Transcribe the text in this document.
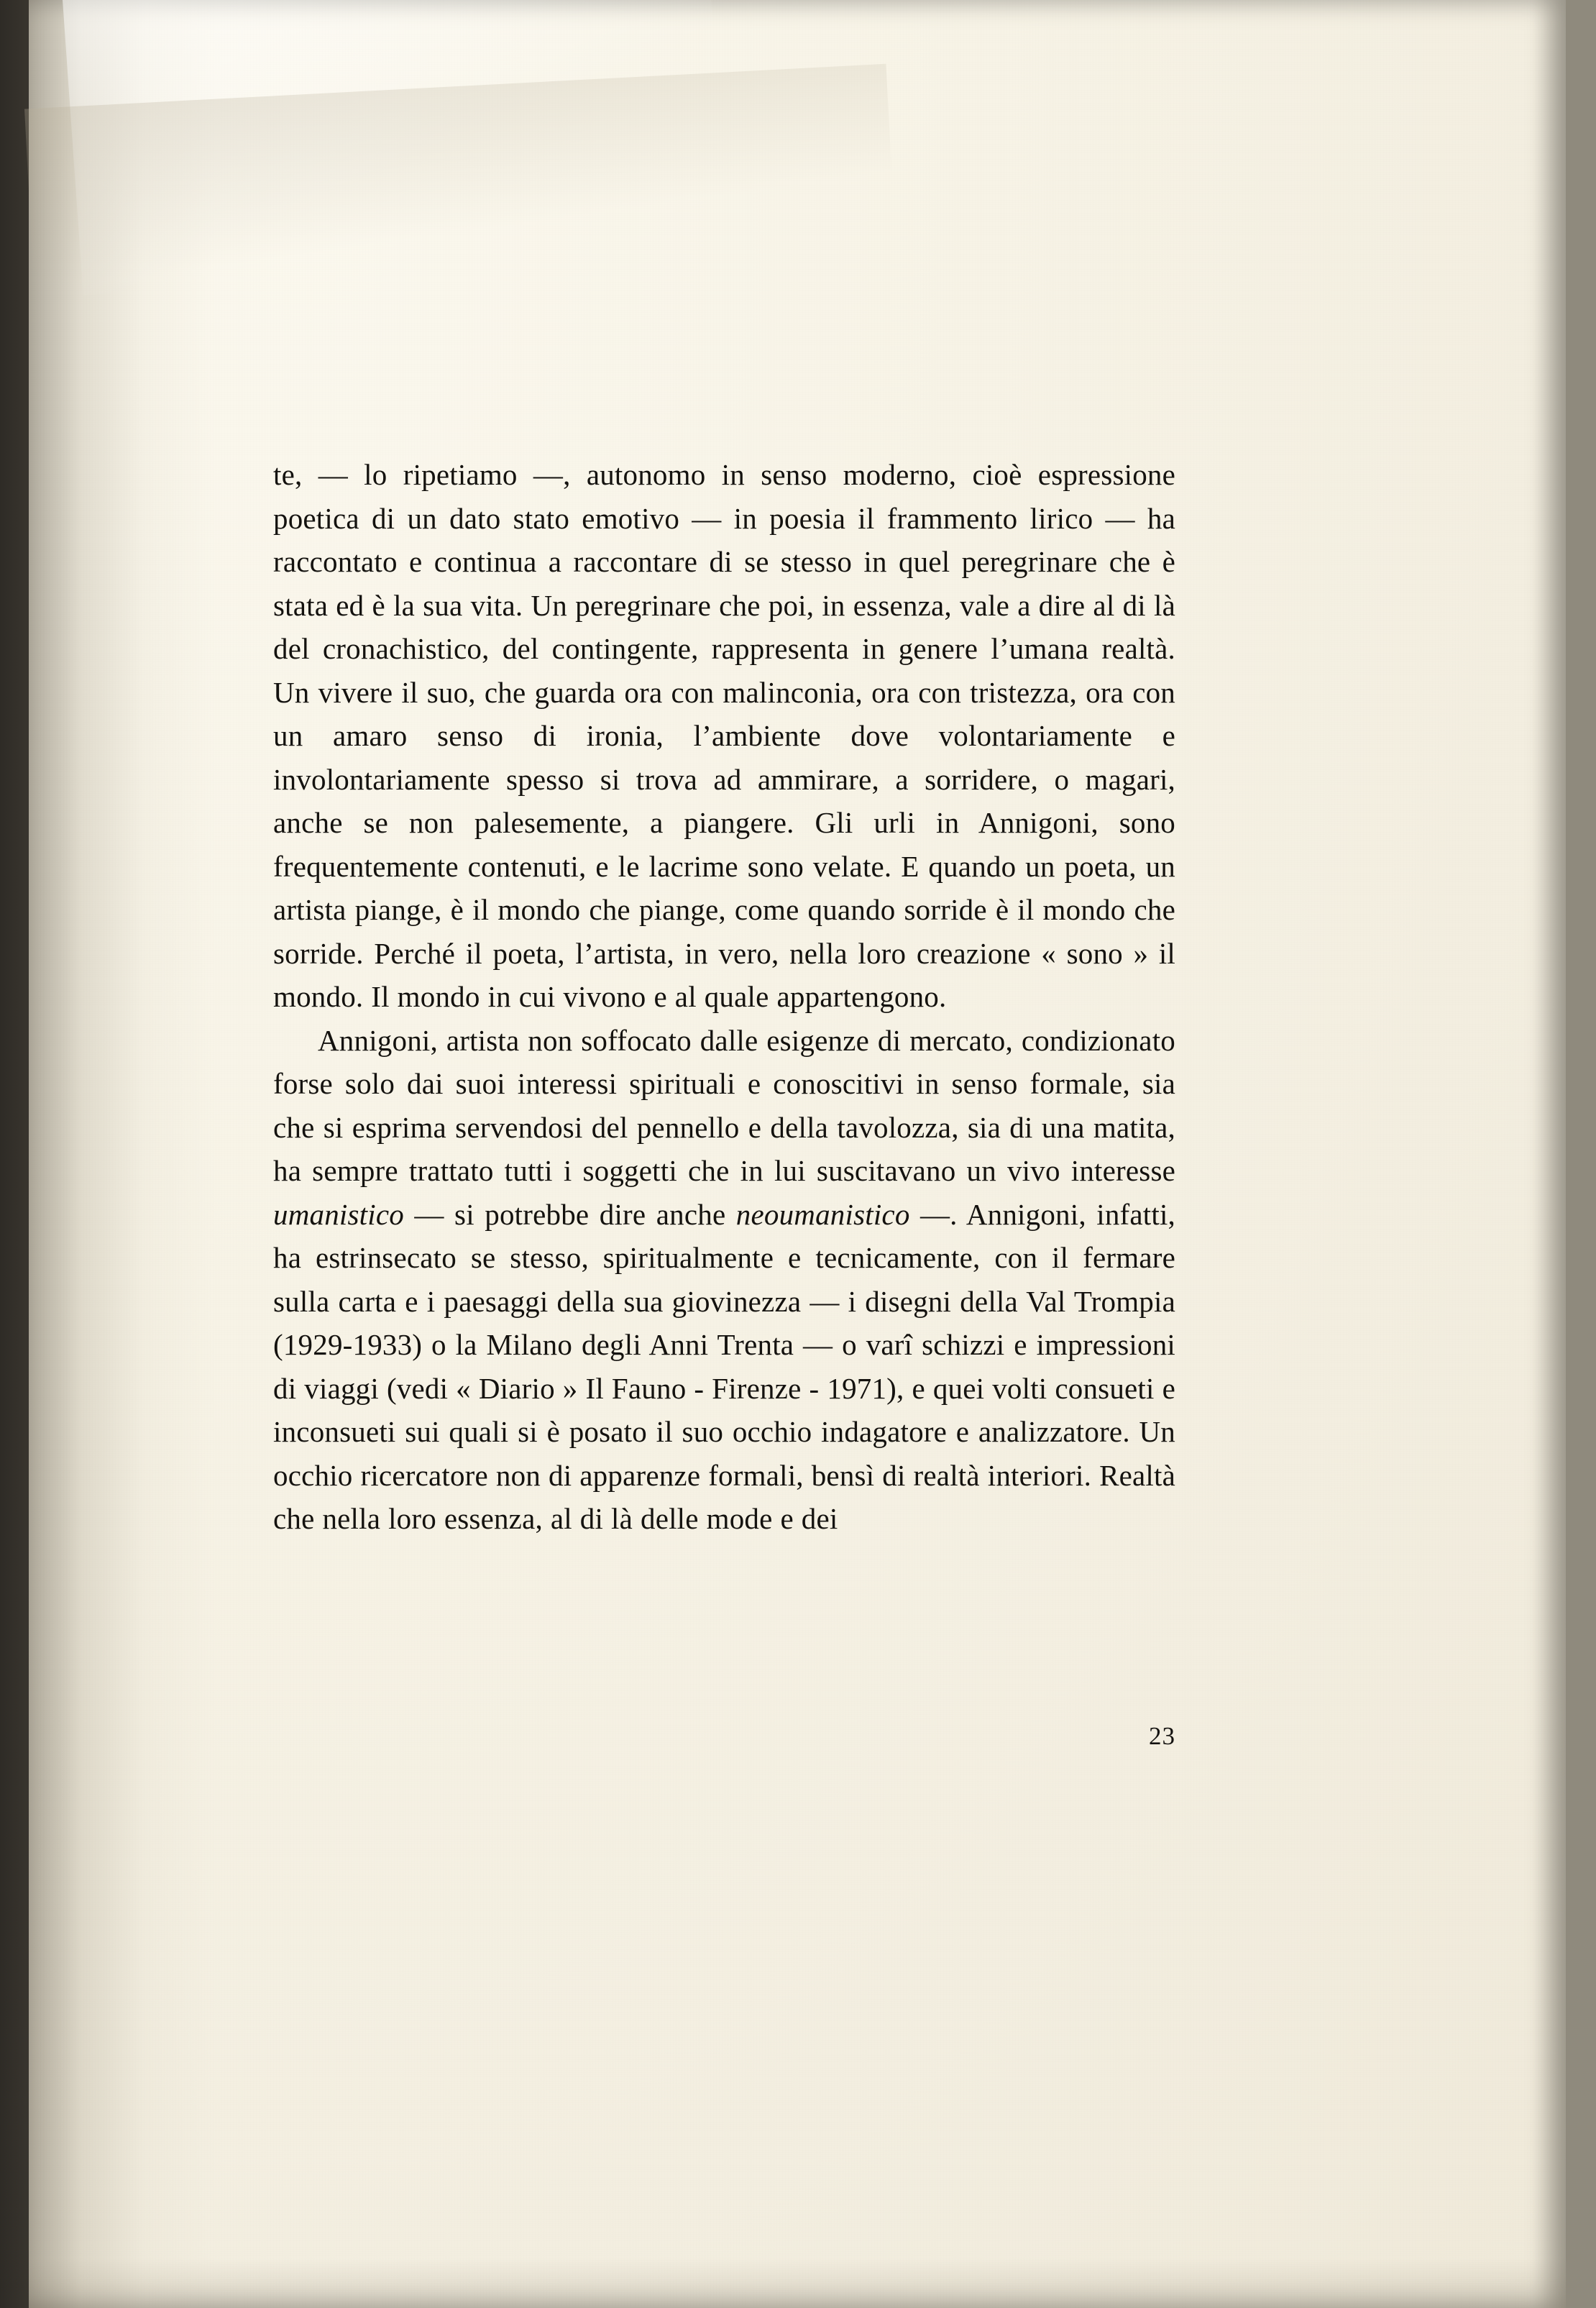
te, — lo ripetiamo —, autonomo in senso moderno, cioè espressione poetica di un dato stato emotivo — in poesia il frammento lirico — ha raccontato e continua a raccontare di se stesso in quel peregrinare che è stata ed è la sua vita. Un peregrinare che poi, in essenza, vale a dire al di là del cronachistico, del contingente, rappresenta in genere l’umana realtà. Un vivere il suo, che guarda ora con malinconia, ora con tristezza, ora con un amaro senso di ironia, l’ambiente dove volontariamente e involontariamente spesso si trova ad ammirare, a sorridere, o magari, anche se non palesemente, a piangere. Gli urli in Annigoni, sono frequentemente contenuti, e le lacrime sono velate. E quando un poeta, un artista piange, è il mondo che piange, come quando sorride è il mondo che sorride. Perché il poeta, l’artista, in vero, nella loro creazione « sono » il mondo. Il mondo in cui vivono e al quale appartengono.

Annigoni, artista non soffocato dalle esigenze di mercato, condizionato forse solo dai suoi interessi spirituali e conoscitivi in senso formale, sia che si esprima servendosi del pennello e della tavolozza, sia di una matita, ha sempre trattato tutti i soggetti che in lui suscitavano un vivo interesse umanistico — si potrebbe dire anche neoumanistico —. Annigoni, infatti, ha estrinsecato se stesso, spiritualmente e tecnicamente, con il fermare sulla carta e i paesaggi della sua giovinezza — i disegni della Val Trompia (1929-1933) o la Milano degli Anni Trenta — o varî schizzi e impressioni di viaggi (vedi « Diario » Il Fauno - Firenze - 1971), e quei volti consueti e inconsueti sui quali si è posato il suo occhio indagatore e analizzatore. Un occhio ricercatore non di apparenze formali, bensì di realtà interiori. Realtà che nella loro essenza, al di là delle mode e dei

23
